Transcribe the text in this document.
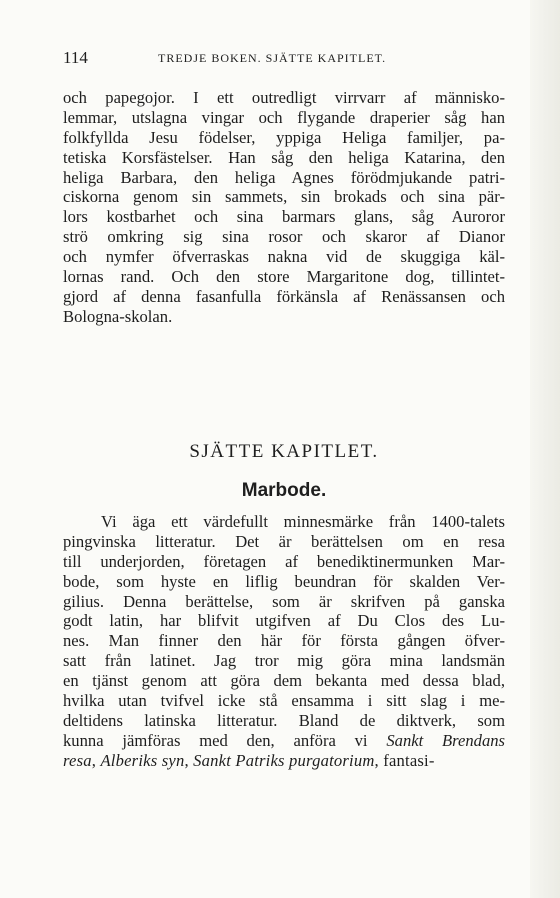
114	TREDJE BOKEN. SJÄTTE KAPITLET.
och papegojor. I ett outredligt virrvarr af människo-
lemmar, utslagna vingar och flygande draperier såg han
folkfyllda Jesu födelser, yppiga Heliga familjer, pa-
tetiska Korsfästelser. Han såg den heliga Katarina, den
heliga Barbara, den heliga Agnes förödmjukande patri-
ciskorna genom sin sammets, sin brokads och sina pär-
lors kostbarhet och sina barmars glans, såg Auroror
strö omkring sig sina rosor och skaror af Dianor
och nymfer öfverraskas nakna vid de skuggiga käl-
lornas rand. Och den store Margaritone dog, tillintet-
gjord af denna fasanfulla förkänsla af Renässansen och
Bologna-skolan.
SJÄTTE KAPITLET.
Marbode.
Vi äga ett värdefullt minnesmärke från 1400-talets
pingvinska litteratur. Det är berättelsen om en resa
till underjorden, företagen af benediktinermunken Mar-
bode, som hyste en liflig beundran för skalden Ver-
gilius. Denna berättelse, som är skrifven på ganska
godt latin, har blifvit utgifven af Du Clos des Lu-
nes. Man finner den här för första gången öfver-
satt från latinet. Jag tror mig göra mina landsmän
en tjänst genom att göra dem bekanta med dessa blad,
hvilka utan tvifvel icke stå ensamma i sitt slag i me-
deltidens latinska litteratur. Bland de diktverk, som
kunna jämföras med den, anföra vi Sankt Brendans
resa, Alberiks syn, Sankt Patriks purgatorium, fantasi-
